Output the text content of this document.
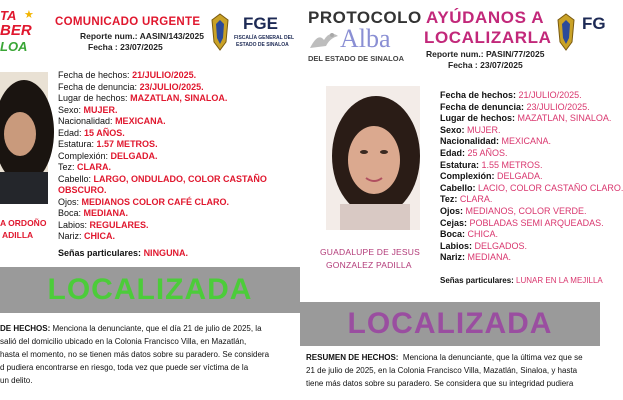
TA ★
BER
LOA
COMUNICADO URGENTE
Reporte num.: AASIN/143/2025
Fecha : 23/07/2025
FGE
FISCALÍA GENERAL DEL
ESTADO DE SINALOA
A ORDOÑO
ADILLA
Fecha de hechos: 21/JULIO/2025.
Fecha de denuncia: 23/JULIO/2025.
Lugar de hechos: MAZATLAN, SINALOA.
Sexo: MUJER.
Nacionalidad: MEXICANA.
Edad: 15 AÑOS.
Estatura: 1.57 METROS.
Complexión: DELGADA.
Tez: CLARA.
Cabello: LARGO, ONDULADO, COLOR CASTAÑO
OBSCURO.
Ojos: MEDIANOS COLOR CAFÉ CLARO.
Boca: MEDIANA.
Labios: REGULARES.
Nariz: CHICA.
Señas particulares: NINGUNA.
LOCALIZADA
DE HECHOS: Menciona la denunciante, que el día 21 de julio de 2025, la
salió del domicilio ubicado en la Colonia Francisco Villa, en Mazatlán,
hasta el momento, no se tienen más datos sobre su paradero. Se considera
d pudiera encontrarse en riesgo, toda vez que puede ser víctima de la
un delito.
PROTOCOLO
Alba
DEL ESTADO DE SINALOA
AYÚDANOS A
LOCALIZARLA
Reporte num.: PASIN/77/2025
Fecha : 23/07/2025
FG
GUADALUPE DE JESUS
GONZALEZ PADILLA
Fecha de hechos: 21/JULIO/2025.
Fecha de denuncia: 23/JULIO/2025.
Lugar de hechos: MAZATLAN, SINALOA.
Sexo: MUJER.
Nacionalidad: MEXICANA.
Edad: 25 AÑOS.
Estatura: 1.55 METROS.
Complexión: DELGADA.
Cabello: LACIO, COLOR CASTAÑO CLARO.
Tez: CLARA.
Ojos: MEDIANOS, COLOR VERDE.
Cejas: POBLADAS SEMI ARQUEADAS.
Boca: CHICA.
Labios: DELGADOS.
Nariz: MEDIANA.
Señas particulares: LUNAR EN LA MEJILLA
LOCALIZADA
RESUMEN DE HECHOS: Menciona la denunciante, que la última vez que se
21 de julio de 2025, en la Colonia Francisco Villa, Mazatlán, Sinaloa, y hasta
tiene más datos sobre su paradero. Se considera que su integridad pudiera
